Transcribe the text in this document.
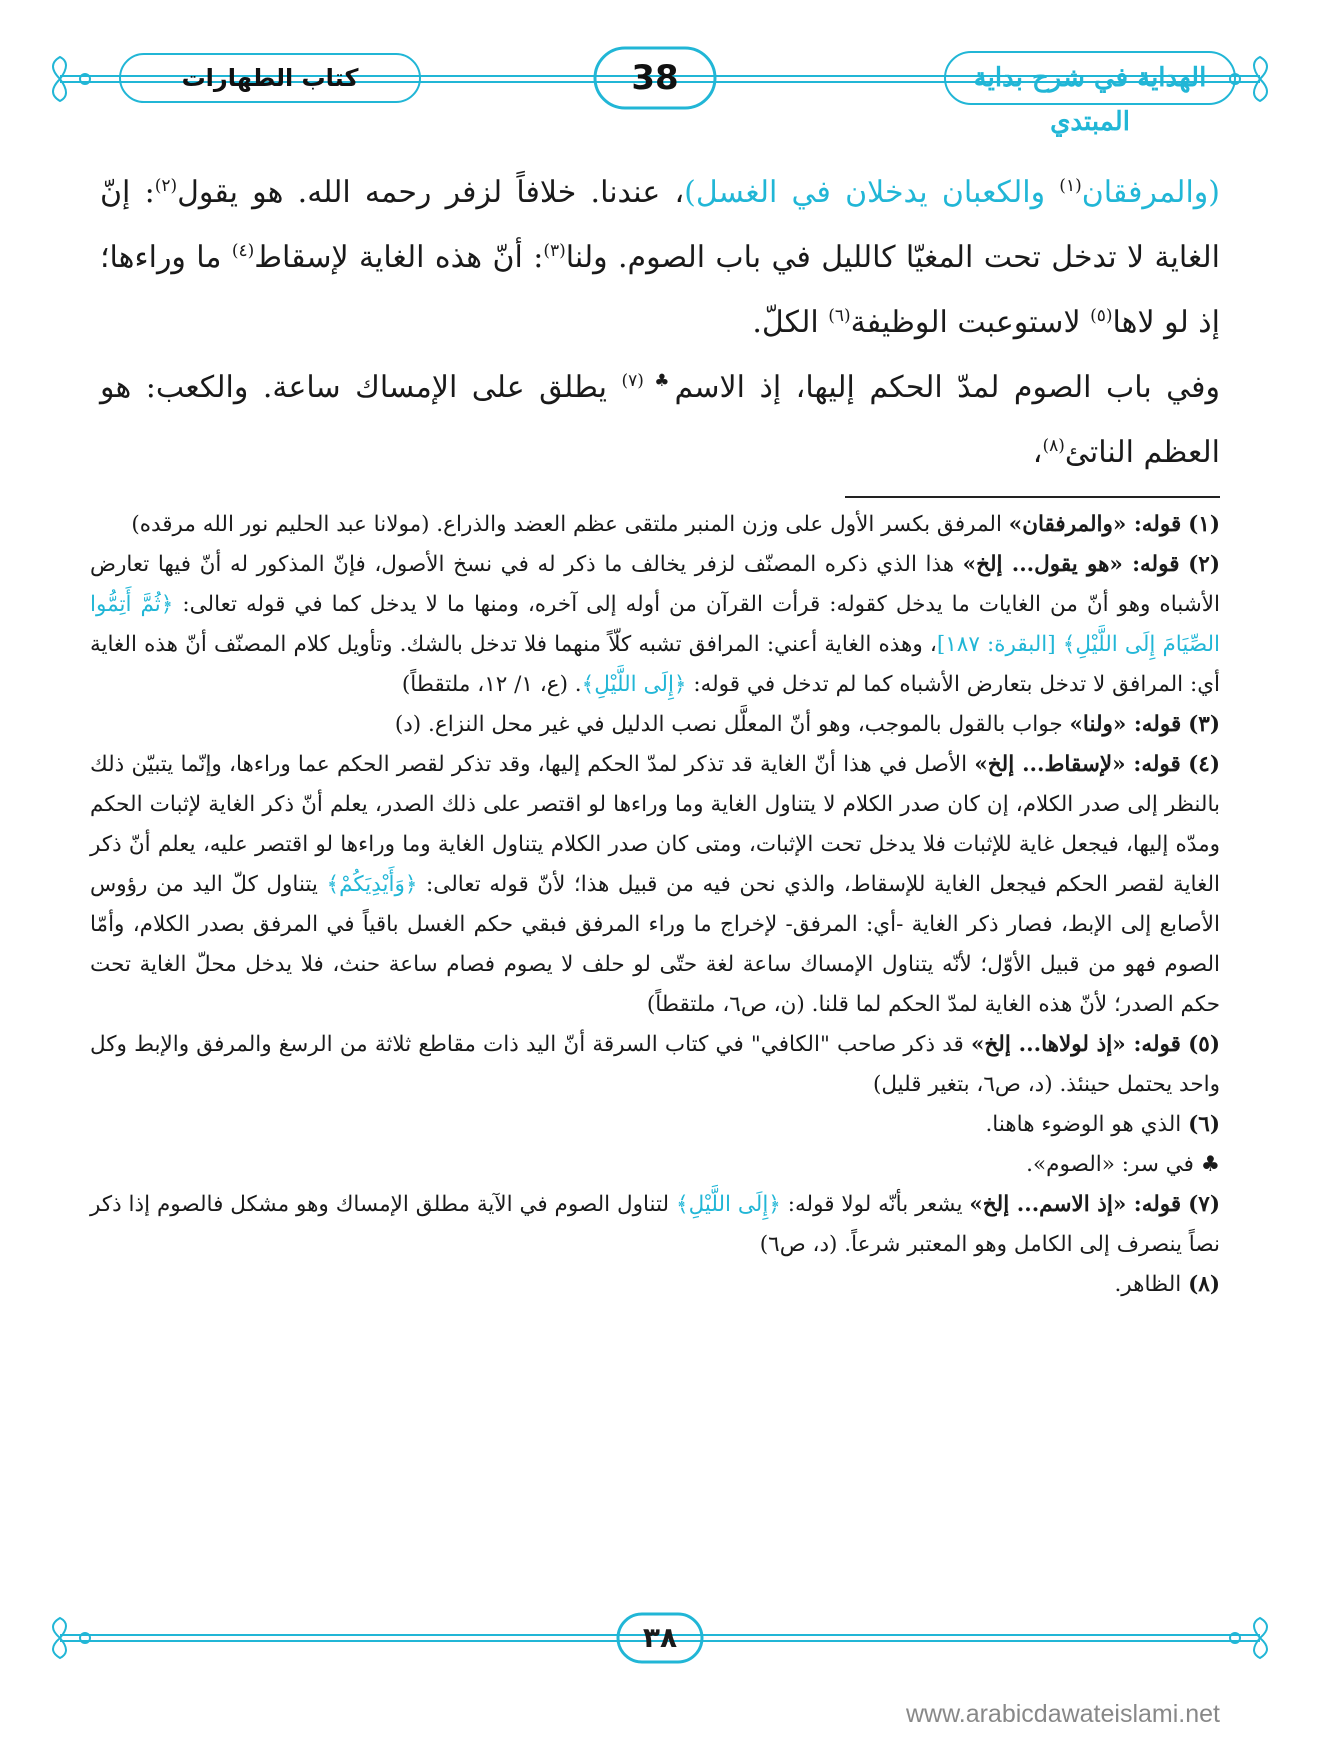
الهداية في شرح بداية المبتدي
38
كتاب الطهارات

(والمرفقان$^{(١)}$ والكعبان يدخلان في الغسل)، عندنا. خلافاً لزفر رحمه الله. هو يقول$^{(٢)}$: إنّ الغاية لا تدخل تحت المغيّا كالليل في باب الصوم. ولنا$^{(٣)}$: أنّ هذه الغاية لإسقاط$^{(٤)}$ ما وراءها؛ إذ لو لاها$^{(٥)}$ لاستوعبت الوظيفة$^{(٦)}$ الكلّ.

وفي باب الصوم لمدّ الحكم إليها، إذ الاسم$^{♣ (٧)}$ يطلق على الإمساك ساعة. والكعب: هو العظم الناتئ$^{(٨)}$،

(١) قوله: «والمرفقان» المرفق بكسر الأول على وزن المنبر ملتقى عظم العضد والذراع. (مولانا عبد الحليم نور الله مرقده)

(٢) قوله: «هو يقول... إلخ» هذا الذي ذكره المصنّف لزفر يخالف ما ذكر له في نسخ الأصول، فإنّ المذكور له أنّ فيها تعارض الأشباه وهو أنّ من الغايات ما يدخل كقوله: قرأت القرآن من أوله إلى آخره، ومنها ما لا يدخل كما في قوله تعالى: ﴿ثُمَّ أَتِمُّوا الصِّيَامَ إِلَى اللَّيْلِ﴾ [البقرة: ١٨٧]، وهذه الغاية أعني: المرافق تشبه كلّاً منهما فلا تدخل بالشك. وتأويل كلام المصنّف أنّ هذه الغاية أي: المرافق لا تدخل بتعارض الأشباه كما لم تدخل في قوله: ﴿إِلَى اللَّيْلِ﴾. (ع، ١/ ١٢، ملتقطاً)

(٣) قوله: «ولنا» جواب بالقول بالموجب، وهو أنّ المعلَّل نصب الدليل في غير محل النزاع. (د)

(٤) قوله: «لإسقاط... إلخ» الأصل في هذا أنّ الغاية قد تذكر لمدّ الحكم إليها، وقد تذكر لقصر الحكم عما وراءها، وإنّما يتبيّن ذلك بالنظر إلى صدر الكلام، إن كان صدر الكلام لا يتناول الغاية وما وراءها لو اقتصر على ذلك الصدر، يعلم أنّ ذكر الغاية لإثبات الحكم ومدّه إليها، فيجعل غاية للإثبات فلا يدخل تحت الإثبات، ومتى كان صدر الكلام يتناول الغاية وما وراءها لو اقتصر عليه، يعلم أنّ ذكر الغاية لقصر الحكم فيجعل الغاية للإسقاط، والذي نحن فيه من قبيل هذا؛ لأنّ قوله تعالى: ﴿وَأَيْدِيَكُمْ﴾ يتناول كلّ اليد من رؤوس الأصابع إلى الإبط، فصار ذكر الغاية -أي: المرفق- لإخراج ما وراء المرفق فبقي حكم الغسل باقياً في المرفق بصدر الكلام، وأمّا الصوم فهو من قبيل الأوّل؛ لأنّه يتناول الإمساك ساعة لغة حتّى لو حلف لا يصوم فصام ساعة حنث، فلا يدخل محلّ الغاية تحت حكم الصدر؛ لأنّ هذه الغاية لمدّ الحكم لما قلنا. (ن، ص٦، ملتقطاً)

(٥) قوله: «إذ لولاها... إلخ» قد ذكر صاحب "الكافي" في كتاب السرقة أنّ اليد ذات مقاطع ثلاثة من الرسغ والمرفق والإبط وكل واحد يحتمل حينئذ. (د، ص٦، بتغير قليل)

(٦) الذي هو الوضوء هاهنا.

♣ في سر: «الصوم».

(٧) قوله: «إذ الاسم... إلخ» يشعر بأنّه لولا قوله: ﴿إِلَى اللَّيْلِ﴾ لتناول الصوم في الآية مطلق الإمساك وهو مشكل فالصوم إذا ذكر نصاً ينصرف إلى الكامل وهو المعتبر شرعاً. (د، ص٦)

(٨) الظاهر.

٣٨
www.arabicdawateislami.net
